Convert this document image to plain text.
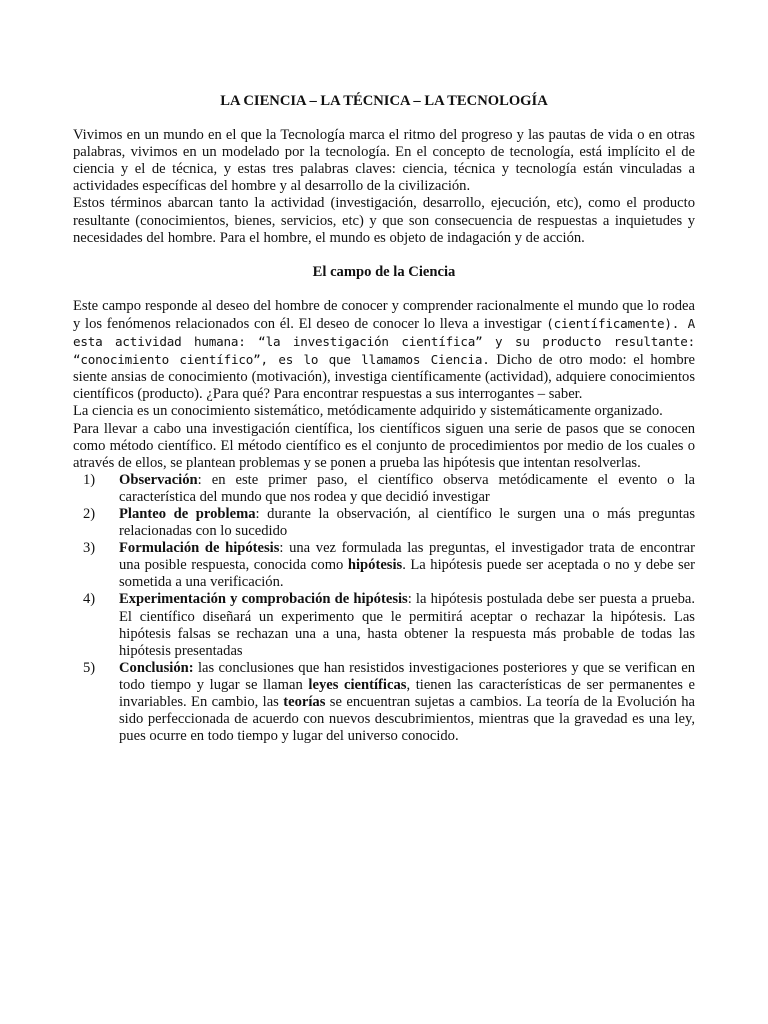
LA CIENCIA – LA TÉCNICA – LA TECNOLOGÍA

Vivimos en un mundo en el que la Tecnología marca el ritmo del progreso y las pautas de vida o en otras palabras, vivimos en un modelado por la tecnología. En el concepto de tecnología, está implícito el de ciencia y el de técnica, y estas tres palabras claves: ciencia, técnica y tecnología están vinculadas a actividades específicas del hombre y al desarrollo de la civilización.

Estos términos abarcan tanto la actividad (investigación, desarrollo, ejecución, etc), como el producto resultante (conocimientos, bienes, servicios, etc) y que son consecuencia de respuestas a inquietudes y necesidades del hombre. Para el hombre, el mundo es objeto de indagación y de acción.

El campo de la Ciencia

Este campo responde al deseo del hombre de conocer y comprender racionalmente el mundo que lo rodea y los fenómenos relacionados con él. El deseo de conocer lo lleva a investigar (científicamente). A esta actividad humana: “la investigación científica” y su producto resultante: “conocimiento científico”, es lo que llamamos Ciencia. Dicho de otro modo: el hombre siente ansias de conocimiento (motivación), investiga científicamente (actividad), adquiere conocimientos científicos (producto). ¿Para qué? Para encontrar respuestas a sus interrogantes – saber.

La ciencia es un conocimiento sistemático, metódicamente adquirido y sistemáticamente organizado.

Para llevar a cabo una investigación científica, los científicos siguen una serie de pasos que se conocen como método científico. El método científico es el conjunto de procedimientos por medio de los cuales o através de ellos, se plantean problemas y se ponen a prueba las hipótesis que intentan resolverlas.

1) Observación: en este primer paso, el científico observa metódicamente el evento o la característica del mundo que nos rodea y que decidió investigar
2) Planteo de problema: durante la observación, al científico le surgen una o más preguntas relacionadas con lo sucedido
3) Formulación de hipótesis: una vez formulada las preguntas, el investigador trata de encontrar una posible respuesta, conocida como hipótesis. La hipótesis puede ser aceptada o no y debe ser sometida a una verificación.
4) Experimentación y comprobación de hipótesis: la hipótesis postulada debe ser puesta a prueba. El científico diseñará un experimento que le permitirá aceptar o rechazar la hipótesis. Las hipótesis falsas se rechazan una a una, hasta obtener la respuesta más probable de todas las hipótesis presentadas
5) Conclusión: las conclusiones que han resistidos investigaciones posteriores y que se verifican en todo tiempo y lugar se llaman leyes científicas, tienen las características de ser permanentes e invariables. En cambio, las teorías se encuentran sujetas a cambios. La teoría de la Evolución ha sido perfeccionada de acuerdo con nuevos descubrimientos, mientras que la gravedad es una ley, pues ocurre en todo tiempo y lugar del universo conocido.
